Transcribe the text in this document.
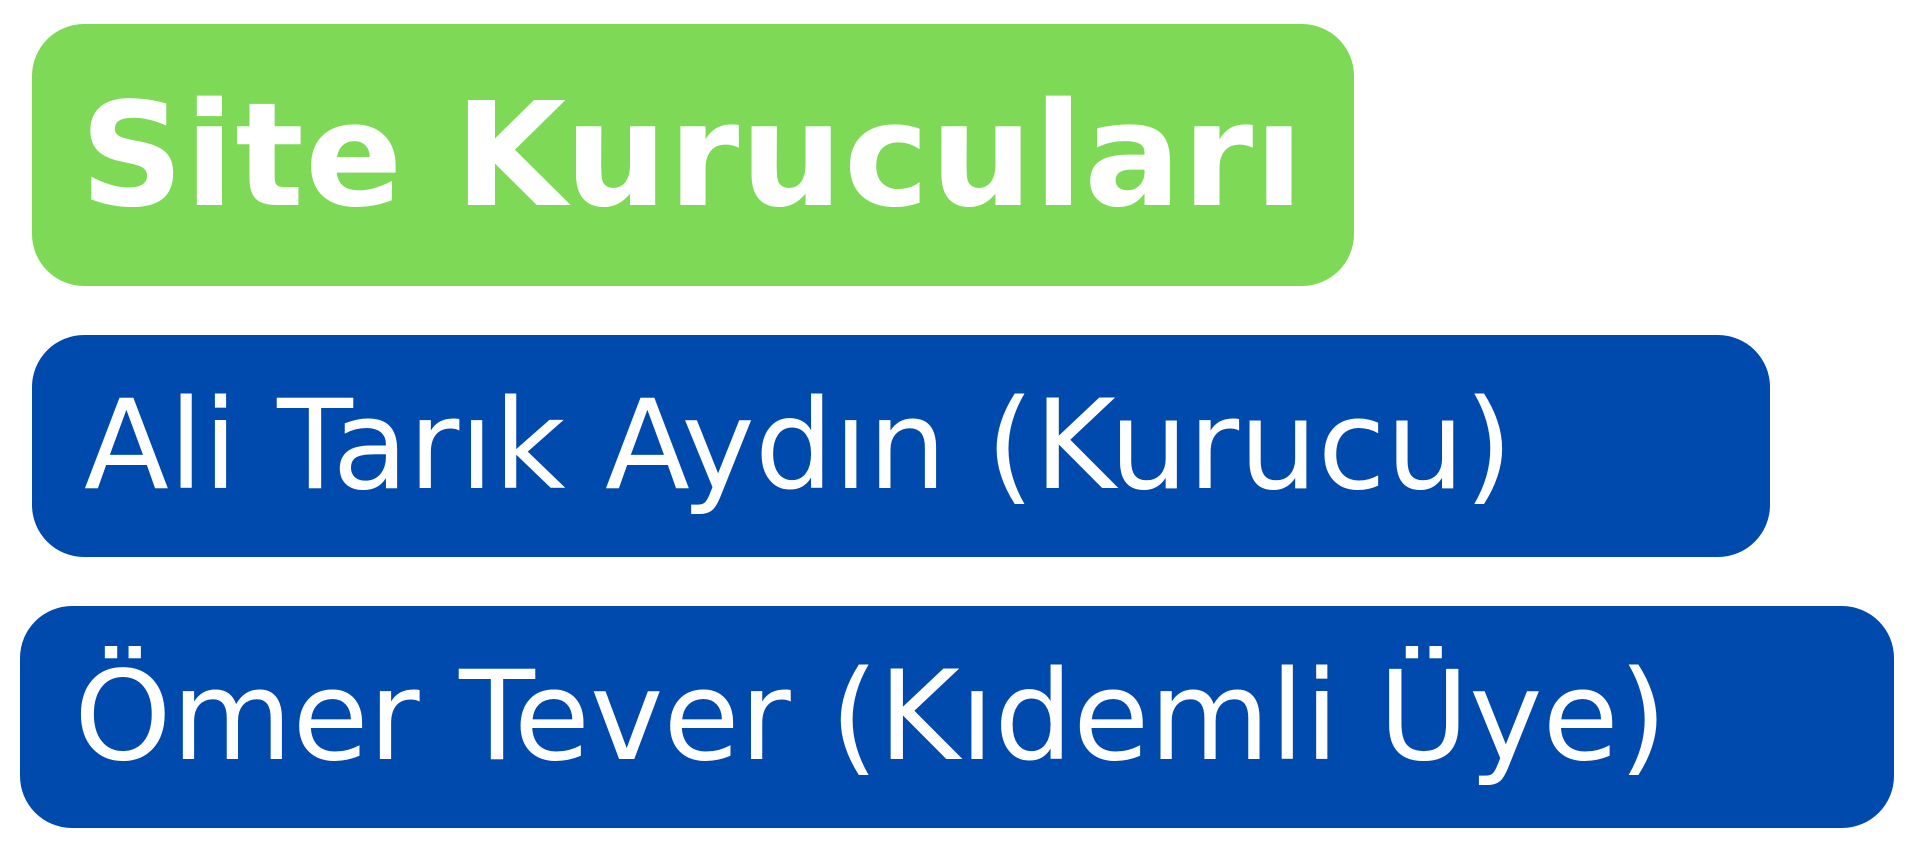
Site Kurucuları
Ali Tarık Aydın (Kurucu)
Ömer Tever (Kıdemli Üye)
